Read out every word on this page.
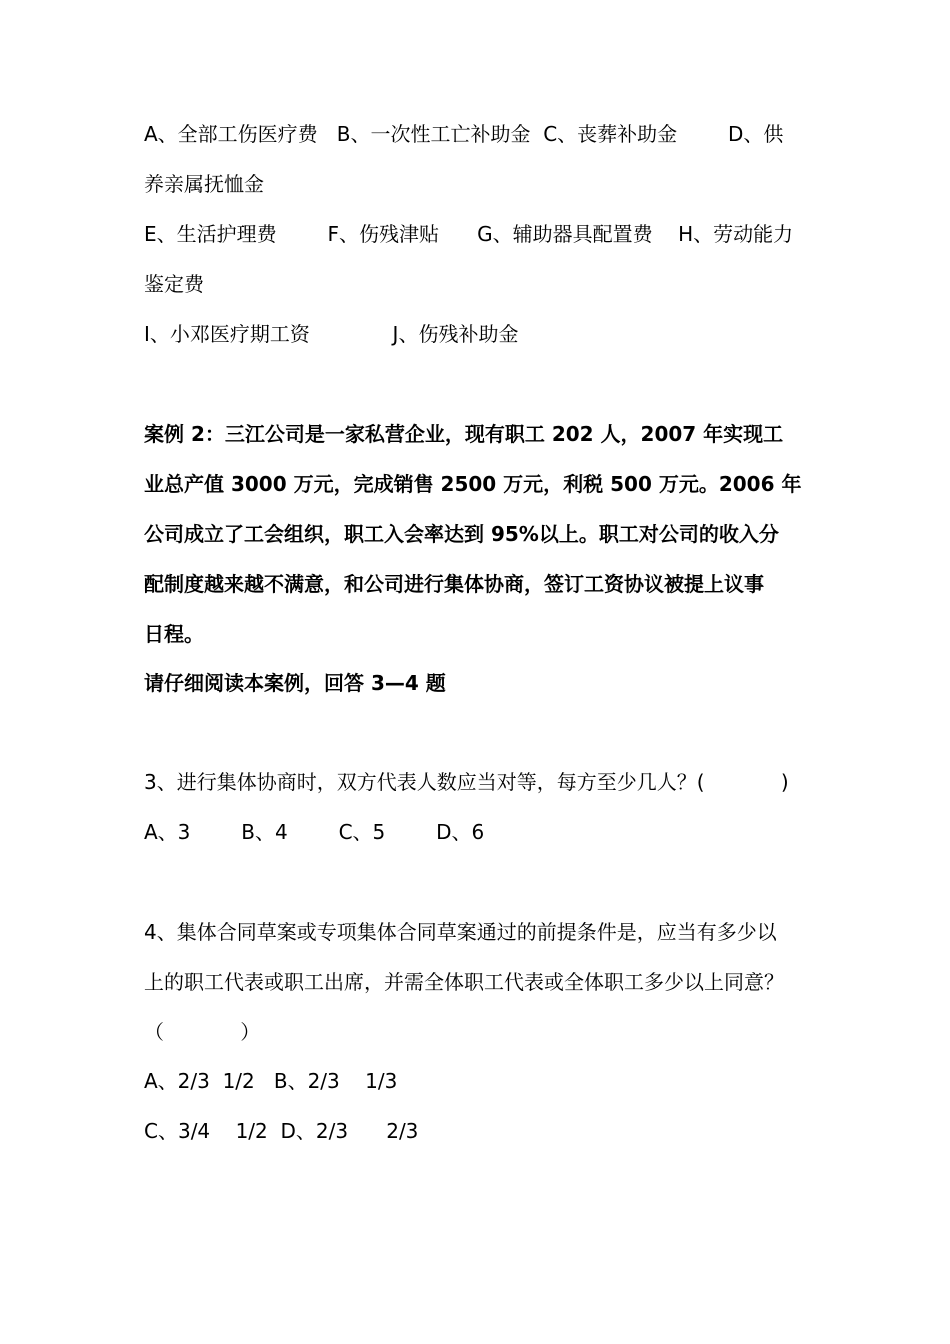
A、全部工伤医疗费   B、一次性工亡补助金  C、丧葬补助金        D、供
养亲属抚恤金
E、生活护理费        F、伤残津贴      G、辅助器具配置费    H、劳动能力
鉴定费
I、小邓医疗期工资             J、伤残补助金
案例 2：三江公司是一家私营企业，现有职工 202 人，2007 年实现工
业总产值 3000 万元，完成销售 2500 万元，利税 500 万元。2006 年
公司成立了工会组织，职工入会率达到 95%以上。职工对公司的收入分
配制度越来越不满意，和公司进行集体协商，签订工资协议被提上议事
日程。
请仔细阅读本案例，回答 3—4 题
3、进行集体协商时，双方代表人数应当对等，每方至少几人？(            )
A、3        B、4        C、5        D、6
4、集体合同草案或专项集体合同草案通过的前提条件是，应当有多少以
上的职工代表或职工出席，并需全体职工代表或全体职工多少以上同意？
（            ）
A、2/3  1/2   B、2/3    1/3
C、3/4    1/2  D、2/3      2/3
